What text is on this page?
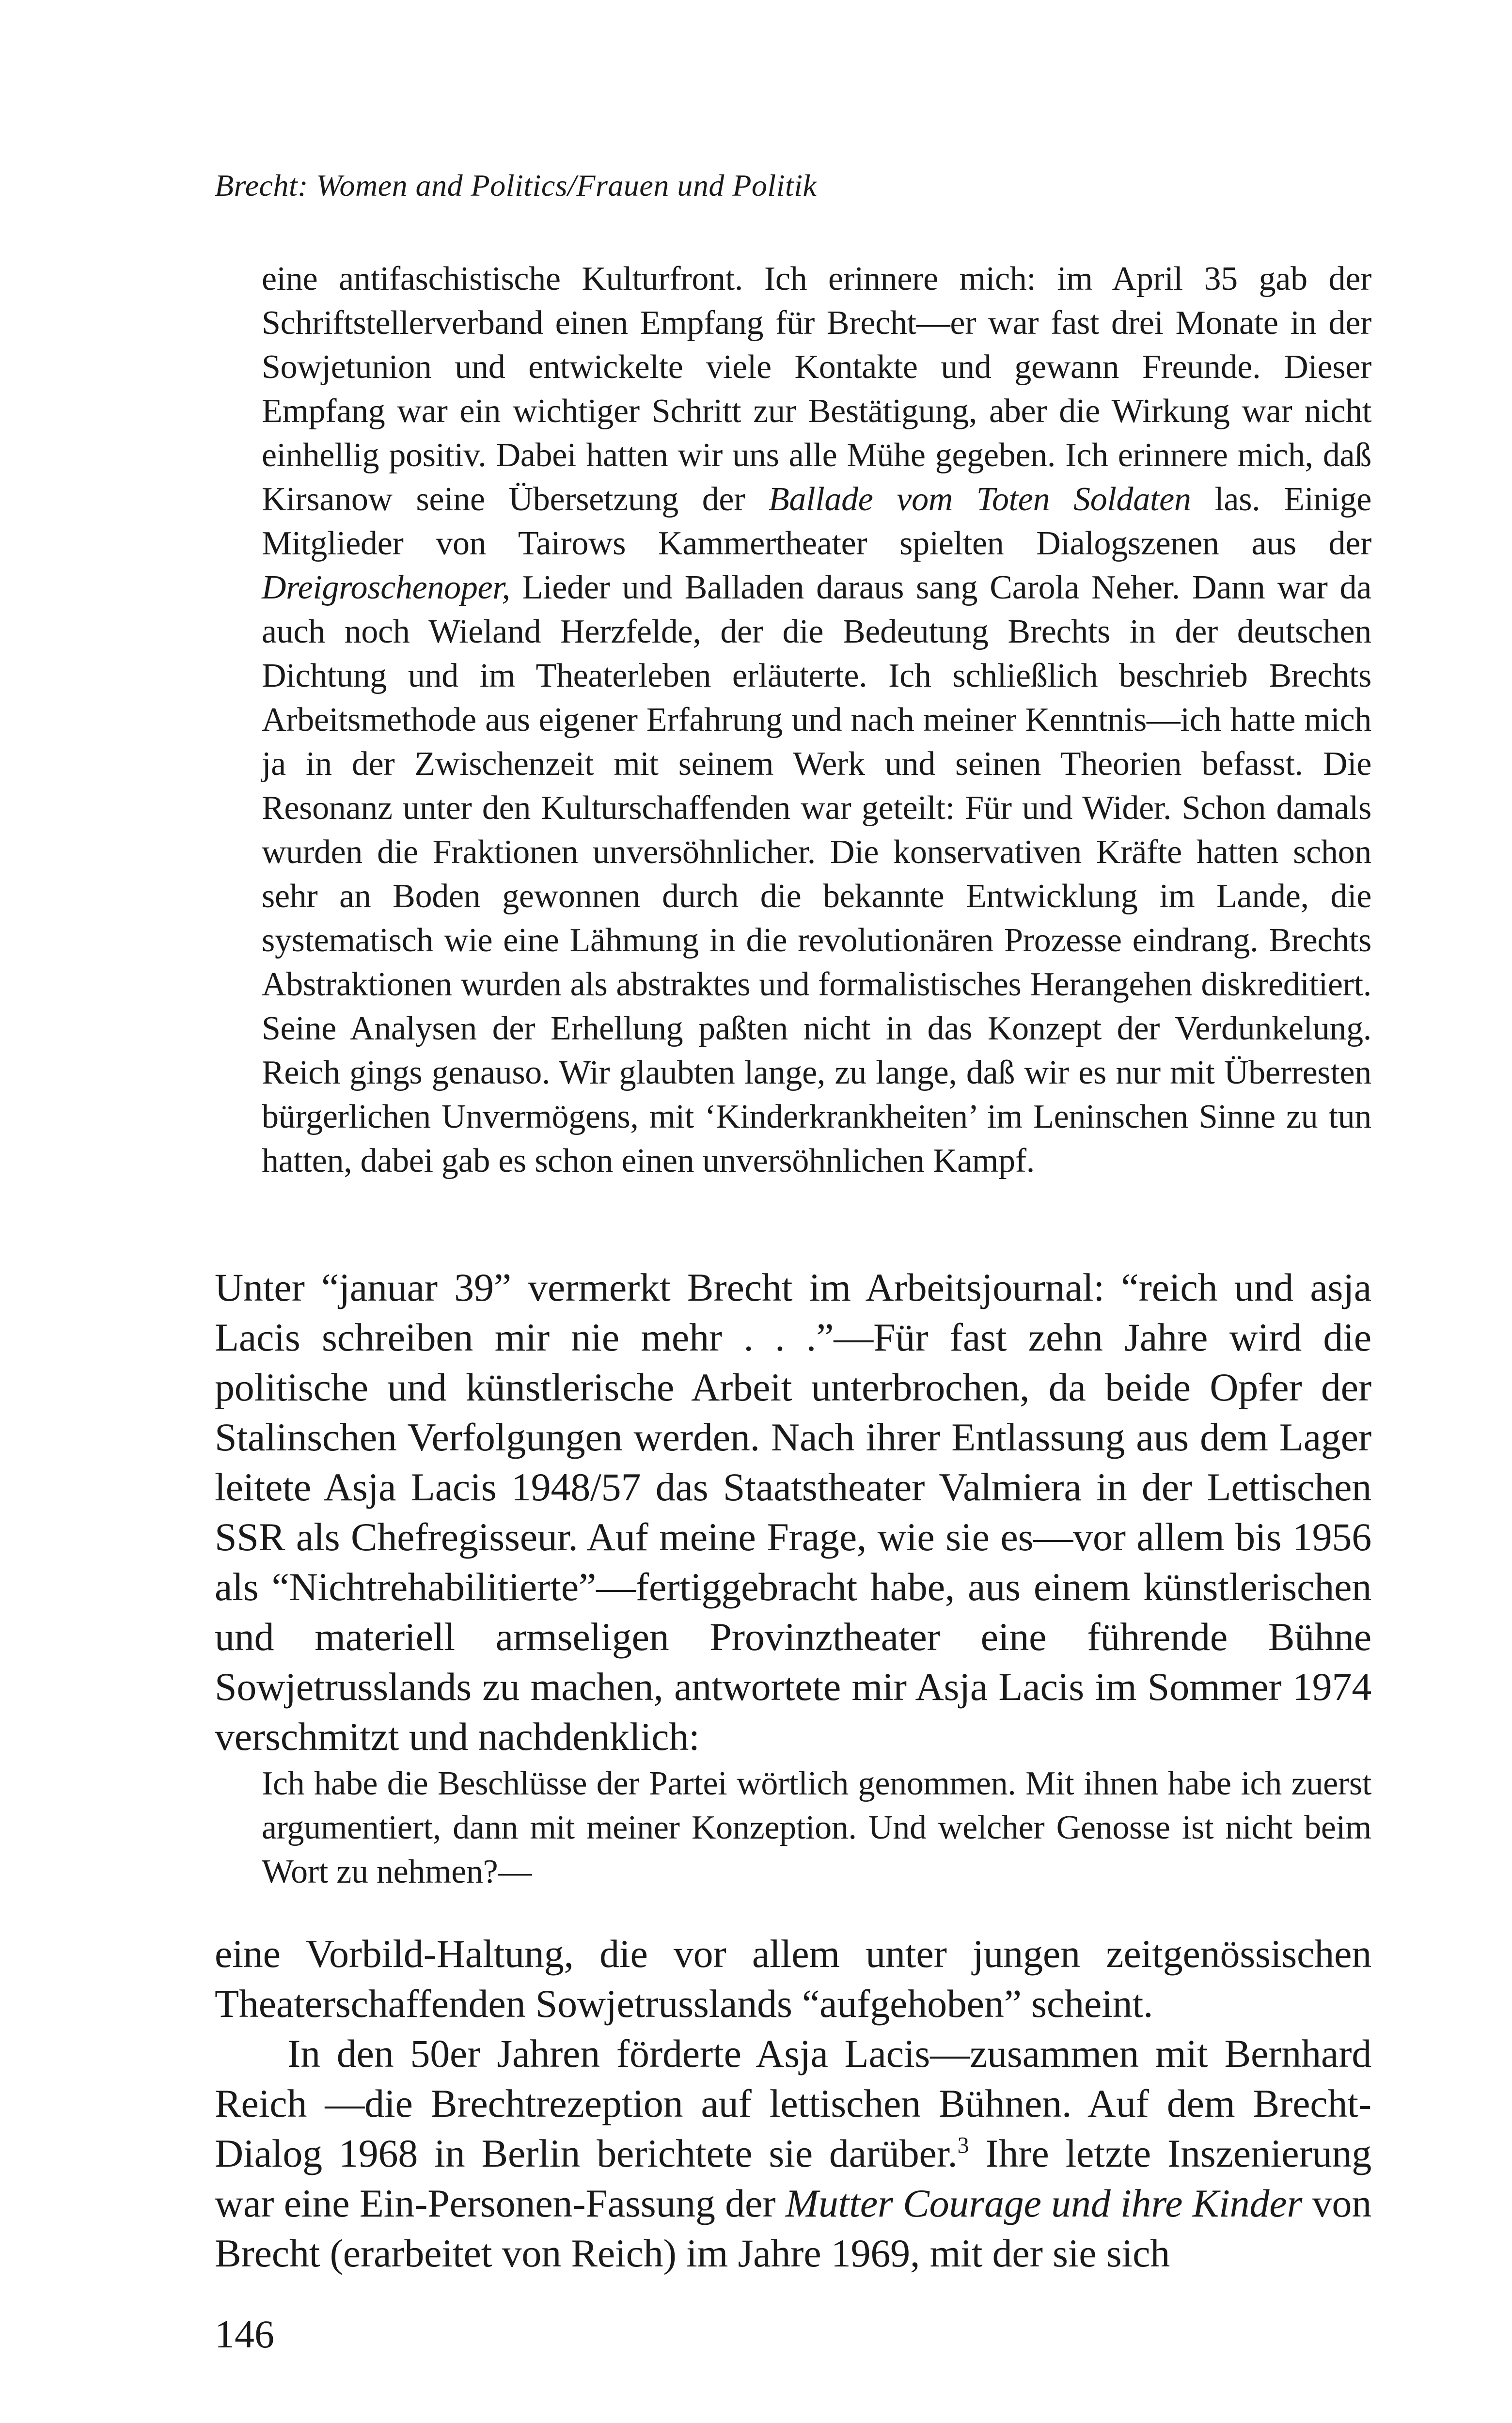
Brecht: Women and Politics/Frauen und Politik

eine antifaschistische Kulturfront. Ich erinnere mich: im April 35 gab der Schriftstellerverband einen Empfang für Brecht—er war fast drei Monate in der Sowjetunion und entwickelte viele Kontakte und gewann Freunde. Dieser Empfang war ein wichtiger Schritt zur Bestätigung, aber die Wirkung war nicht einhellig positiv. Dabei hatten wir uns alle Mühe gegeben. Ich erinnere mich, daß Kirsanow seine Übersetzung der Ballade vom Toten Soldaten las. Einige Mitglieder von Tairows Kammertheater spielten Dialogszenen aus der Dreigroschenoper, Lieder und Balladen daraus sang Carola Neher. Dann war da auch noch Wieland Herzfelde, der die Bedeutung Brechts in der deutschen Dichtung und im Theaterleben erläuterte. Ich schließlich beschrieb Brechts Arbeitsmethode aus eigener Erfahrung und nach meiner Kenntnis—ich hatte mich ja in der Zwischenzeit mit seinem Werk und seinen Theorien befasst. Die Resonanz unter den Kulturschaffenden war geteilt: Für und Wider. Schon damals wurden die Fraktionen unversöhnlicher. Die konservativen Kräfte hatten schon sehr an Boden gewonnen durch die bekannte Entwicklung im Lande, die systematisch wie eine Lähmung in die revolutionären Prozesse eindrang. Brechts Abstraktionen wurden als abstraktes und formalistisches Herangehen diskreditiert. Seine Analysen der Erhellung paßten nicht in das Konzept der Verdunkelung. Reich gings genauso. Wir glaubten lange, zu lange, daß wir es nur mit Überresten bürgerlichen Unvermögens, mit ‘Kinderkrankheiten’ im Leninschen Sinne zu tun hatten, dabei gab es schon einen unversöhnlichen Kampf.

Unter “januar 39” vermerkt Brecht im Arbeitsjournal: “reich und asja Lacis schreiben mir nie mehr . . .”—Für fast zehn Jahre wird die politische und künstlerische Arbeit unterbrochen, da beide Opfer der Stalinschen Verfolgungen werden. Nach ihrer Entlassung aus dem Lager leitete Asja Lacis 1948/57 das Staatstheater Valmiera in der Lettischen SSR als Chefregisseur. Auf meine Frage, wie sie es—vor allem bis 1956 als “Nichtrehabilitierte”—fertiggebracht habe, aus einem künstlerischen und materiell armseligen Provinztheater eine führende Bühne Sowjetrusslands zu machen, antwortete mir Asja Lacis im Sommer 1974 verschmitzt und nachdenklich:

Ich habe die Beschlüsse der Partei wörtlich genommen. Mit ihnen habe ich zuerst argumentiert, dann mit meiner Konzeption. Und welcher Genosse ist nicht beim Wort zu nehmen?—

eine Vorbild-Haltung, die vor allem unter jungen zeitgenössischen Theaterschaffenden Sowjetrusslands “aufgehoben” scheint.

In den 50er Jahren förderte Asja Lacis—zusammen mit Bernhard Reich —die Brechtrezeption auf lettischen Bühnen. Auf dem Brecht-Dialog 1968 in Berlin berichtete sie darüber.$^3$ Ihre letzte Inszenierung war eine Ein-Personen-Fassung der Mutter Courage und ihre Kinder von Brecht (erarbeitet von Reich) im Jahre 1969, mit der sie sich

146
